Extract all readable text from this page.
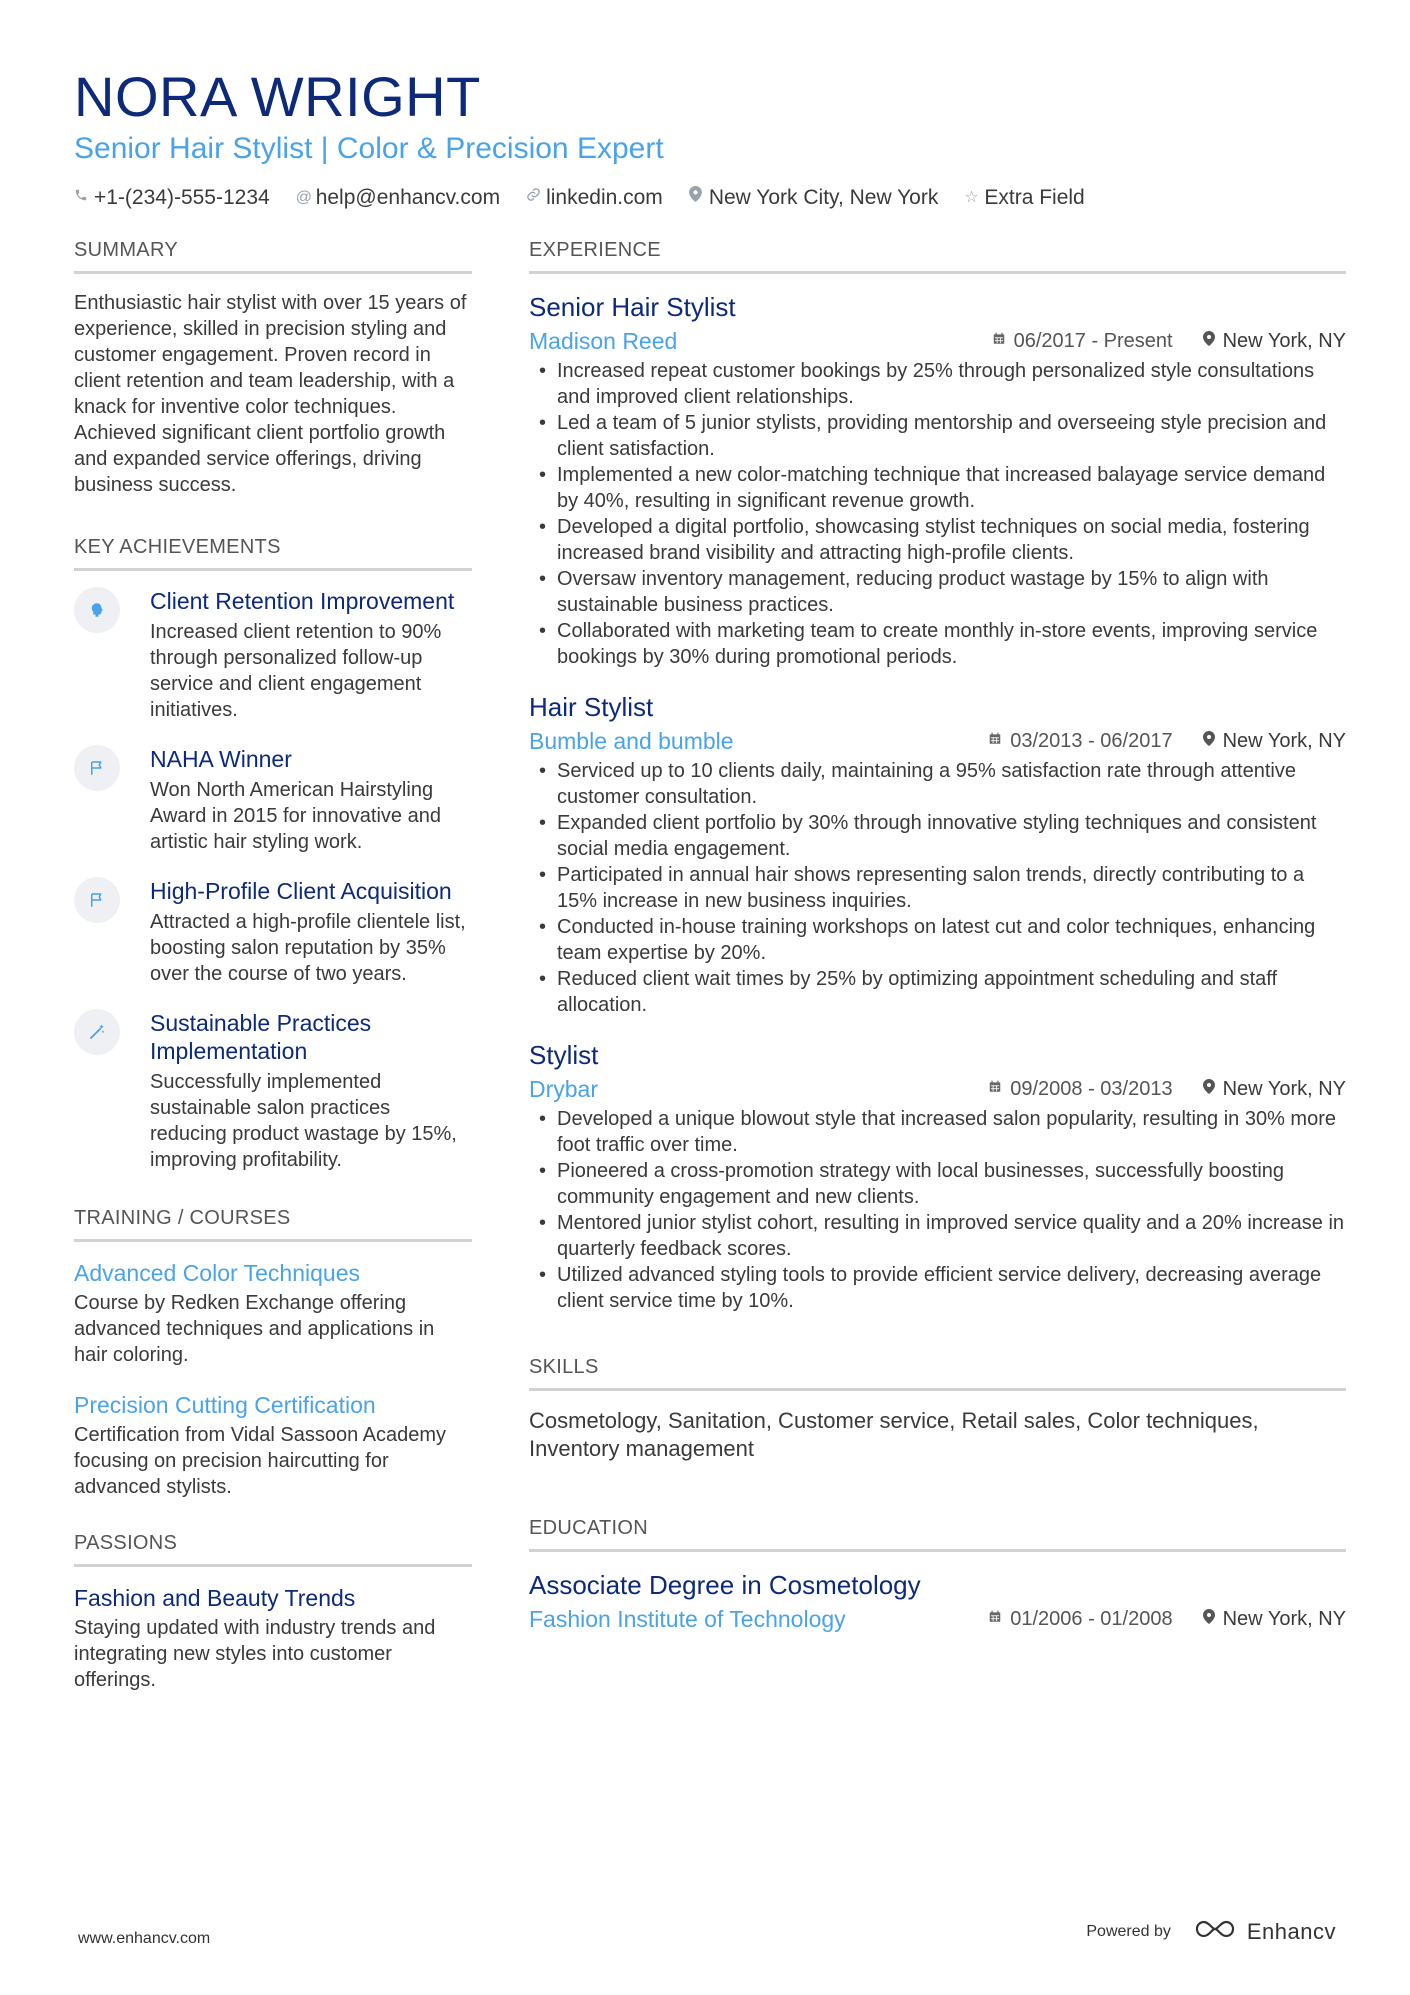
NORA WRIGHT
Senior Hair Stylist | Color & Precision Expert
+1-(234)-555-1234 @ help@enhancv.com linkedin.com New York City, New York ☆ Extra Field
SUMMARY
Enthusiastic hair stylist with over 15 years of experience, skilled in precision styling and customer engagement. Proven record in client retention and team leadership, with a knack for inventive color techniques. Achieved significant client portfolio growth and expanded service offerings, driving business success.
KEY ACHIEVEMENTS
Client Retention Improvement
Increased client retention to 90% through personalized follow-up service and client engagement initiatives.
NAHA Winner
Won North American Hairstyling Award in 2015 for innovative and artistic hair styling work.
High-Profile Client Acquisition
Attracted a high-profile clientele list, boosting salon reputation by 35% over the course of two years.
Sustainable Practices Implementation
Successfully implemented sustainable salon practices reducing product wastage by 15%, improving profitability.
TRAINING / COURSES
Advanced Color Techniques
Course by Redken Exchange offering advanced techniques and applications in hair coloring.
Precision Cutting Certification
Certification from Vidal Sassoon Academy focusing on precision haircutting for advanced stylists.
PASSIONS
Fashion and Beauty Trends
Staying updated with industry trends and integrating new styles into customer offerings.
EXPERIENCE
Senior Hair Stylist
Madison Reed	06/2017 - Present	New York, NY
• Increased repeat customer bookings by 25% through personalized style consultations and improved client relationships.
• Led a team of 5 junior stylists, providing mentorship and overseeing style precision and client satisfaction.
• Implemented a new color-matching technique that increased balayage service demand by 40%, resulting in significant revenue growth.
• Developed a digital portfolio, showcasing stylist techniques on social media, fostering increased brand visibility and attracting high-profile clients.
• Oversaw inventory management, reducing product wastage by 15% to align with sustainable business practices.
• Collaborated with marketing team to create monthly in-store events, improving service bookings by 30% during promotional periods.
Hair Stylist
Bumble and bumble	03/2013 - 06/2017	New York, NY
• Serviced up to 10 clients daily, maintaining a 95% satisfaction rate through attentive customer consultation.
• Expanded client portfolio by 30% through innovative styling techniques and consistent social media engagement.
• Participated in annual hair shows representing salon trends, directly contributing to a 15% increase in new business inquiries.
• Conducted in-house training workshops on latest cut and color techniques, enhancing team expertise by 20%.
• Reduced client wait times by 25% by optimizing appointment scheduling and staff allocation.
Stylist
Drybar	09/2008 - 03/2013	New York, NY
• Developed a unique blowout style that increased salon popularity, resulting in 30% more foot traffic over time.
• Pioneered a cross-promotion strategy with local businesses, successfully boosting community engagement and new clients.
• Mentored junior stylist cohort, resulting in improved service quality and a 20% increase in quarterly feedback scores.
• Utilized advanced styling tools to provide efficient service delivery, decreasing average client service time by 10%.
SKILLS
Cosmetology, Sanitation, Customer service, Retail sales, Color techniques, Inventory management
EDUCATION
Associate Degree in Cosmetology
Fashion Institute of Technology	01/2006 - 01/2008	New York, NY
www.enhancv.com	Powered by	Enhancv
